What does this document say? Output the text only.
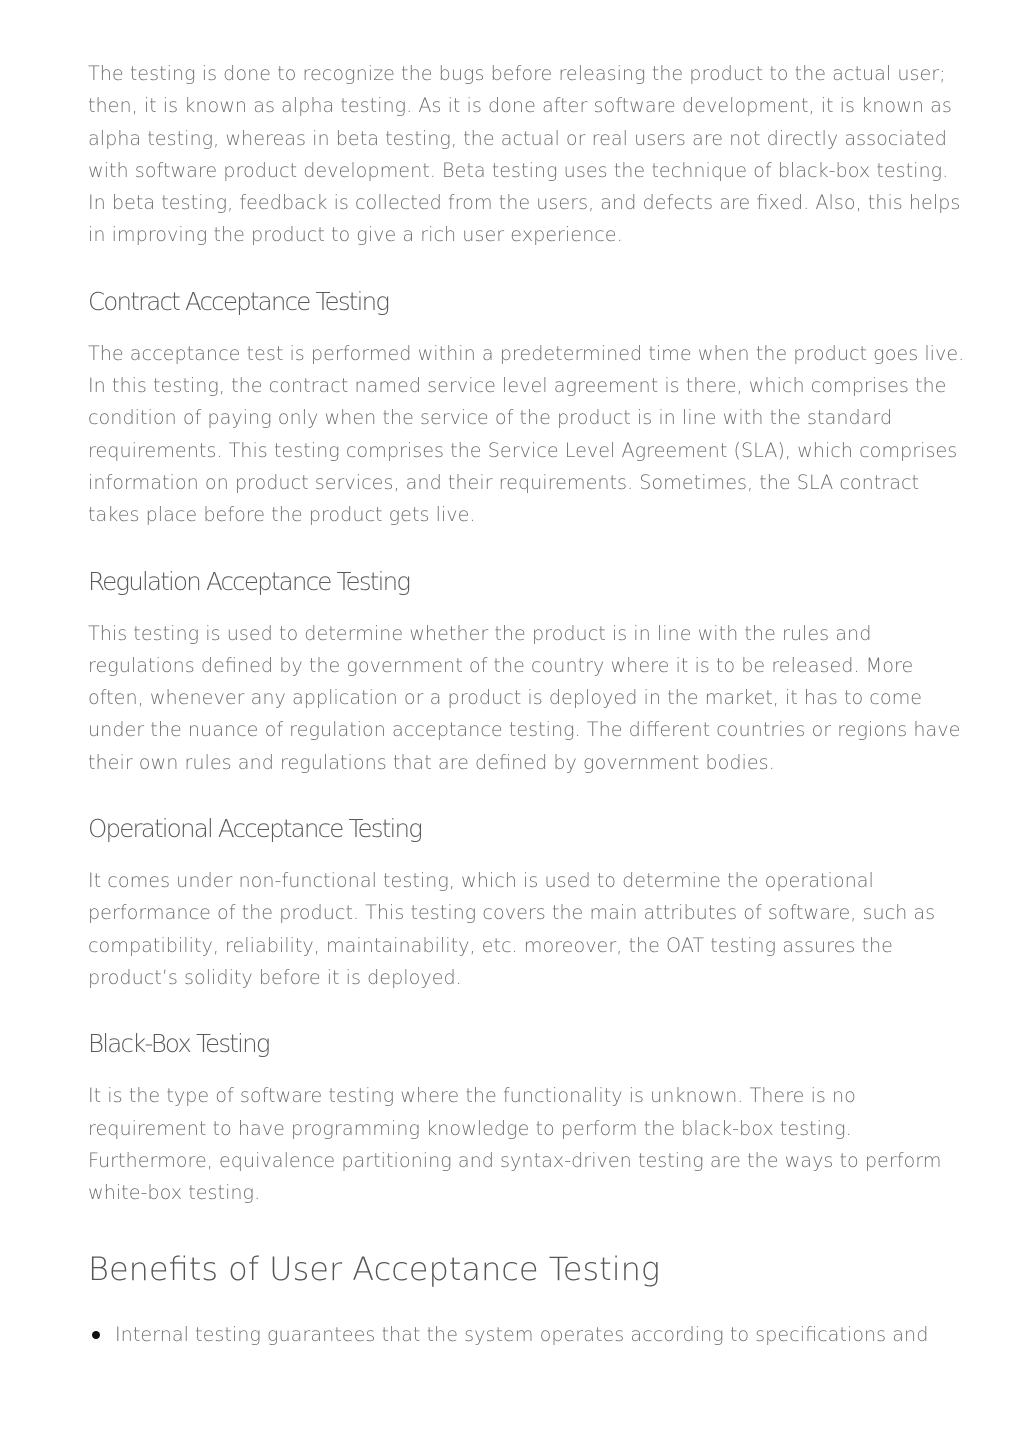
The testing is done to recognize the bugs before releasing the product to the actual user; then, it is known as alpha testing. As it is done after software development, it is known as alpha testing, whereas in beta testing, the actual or real users are not directly associated with software product development. Beta testing uses the technique of black-box testing. In beta testing, feedback is collected from the users, and defects are fixed. Also, this helps in improving the product to give a rich user experience.

Contract Acceptance Testing

The acceptance test is performed within a predetermined time when the product goes live. In this testing, the contract named service level agreement is there, which comprises the condition of paying only when the service of the product is in line with the standard requirements. This testing comprises the Service Level Agreement (SLA), which comprises information on product services, and their requirements. Sometimes, the SLA contract takes place before the product gets live.

Regulation Acceptance Testing

This testing is used to determine whether the product is in line with the rules and regulations defined by the government of the country where it is to be released. More often, whenever any application or a product is deployed in the market, it has to come under the nuance of regulation acceptance testing. The different countries or regions have their own rules and regulations that are defined by government bodies.

Operational Acceptance Testing

It comes under non-functional testing, which is used to determine the operational performance of the product. This testing covers the main attributes of software, such as compatibility, reliability, maintainability, etc. moreover, the OAT testing assures the product’s solidity before it is deployed.

Black-Box Testing

It is the type of software testing where the functionality is unknown. There is no requirement to have programming knowledge to perform the black-box testing. Furthermore, equivalence partitioning and syntax-driven testing are the ways to perform white-box testing.

Benefits of User Acceptance Testing
Internal testing guarantees that the system operates according to specifications and
